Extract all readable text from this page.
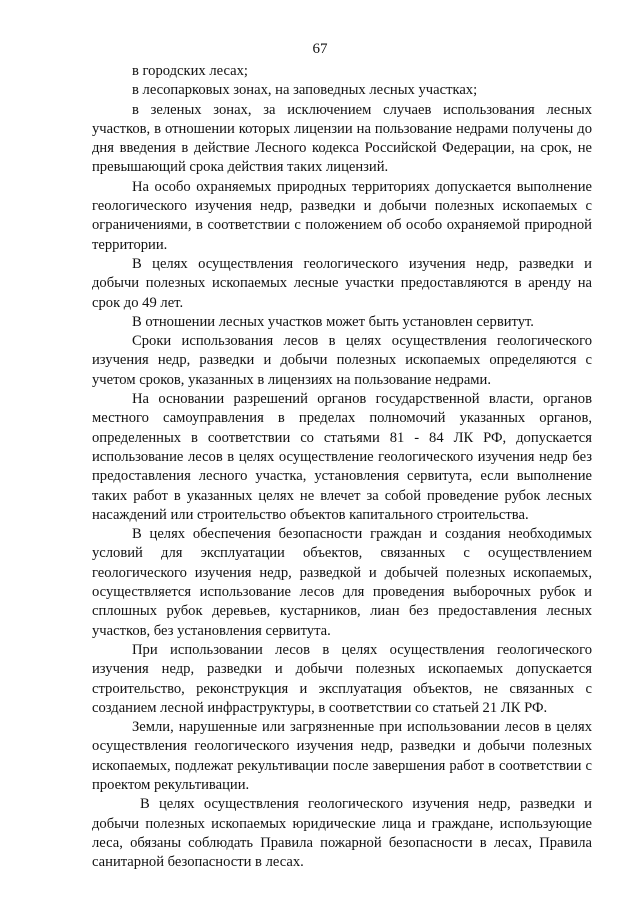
67

в городских лесах;

в лесопарковых зонах, на заповедных лесных участках;

в зеленых зонах, за исключением случаев использования лесных участков, в отношении которых лицензии на пользование недрами получены до дня введения в действие Лесного кодекса Российской Федерации, на срок, не превышающий срока действия таких лицензий.

На особо охраняемых природных территориях допускается выполнение геологического изучения недр, разведки и добычи полезных ископаемых с ограничениями, в соответствии с положением об особо охраняемой природной территории.

В целях осуществления геологического изучения недр, разведки и добычи полезных ископаемых лесные участки предоставляются в аренду на срок до 49 лет.

В отношении лесных участков может быть установлен сервитут.

Сроки использования лесов в целях осуществления геологического изучения недр, разведки и добычи полезных ископаемых определяются с учетом сроков, указанных в лицензиях на пользование недрами.

На основании разрешений органов государственной власти, органов местного самоуправления в пределах полномочий указанных органов, определенных в соответствии со статьями 81 - 84 ЛК РФ, допускается использование лесов в целях осуществление геологического изучения недр без предоставления лесного участка, установления сервитута, если выполнение таких работ в указанных целях не влечет за собой проведение рубок лесных насаждений или строительство объектов капитального строительства.

В целях обеспечения безопасности граждан и создания необходимых условий для эксплуатации объектов, связанных с осуществлением геологического изучения недр, разведкой и добычей полезных ископаемых, осуществляется использование лесов для проведения выборочных рубок и сплошных рубок деревьев, кустарников, лиан без предоставления лесных участков, без установления сервитута.

При использовании лесов в целях осуществления геологического изучения недр, разведки и добычи полезных ископаемых допускается строительство, реконструкция и эксплуатация объектов, не связанных с созданием лесной инфраструктуры, в соответствии со статьей 21 ЛК РФ.

Земли, нарушенные или загрязненные при использовании лесов в целях осуществления геологического изучения недр, разведки и добычи полезных ископаемых, подлежат рекультивации после завершения работ в соответствии с проектом рекультивации.

В целях осуществления геологического изучения недр, разведки и добычи полезных ископаемых юридические лица и граждане, использующие леса, обязаны соблюдать Правила пожарной безопасности в лесах, Правила санитарной безопасности в лесах.
